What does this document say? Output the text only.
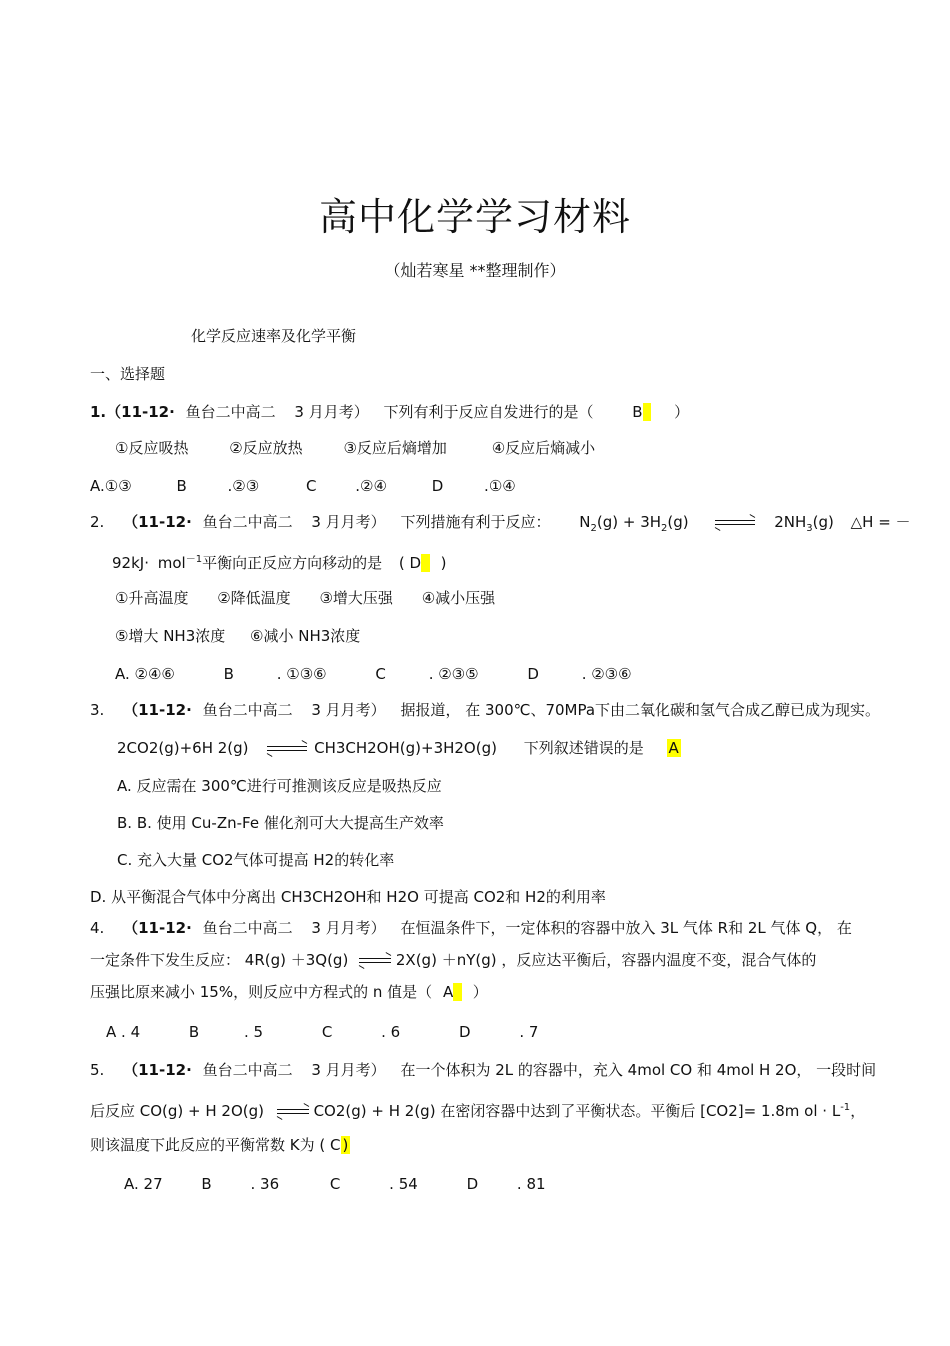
高中化学学习材料
（灿若寒星 **整理制作）
化学反应速率及化学平衡
一、选择题
1.（11-12· 鱼台二中高二 3 月月考） 下列有利于反应自发进行的是（	B ）
①反应吸热	②反应放热	③反应后熵增加	④反应后熵减小
A.①③	B	.②③	C	.②④	D	.①④
2. （11-12· 鱼台二中高二 3 月月考） 下列措施有利于反应： $N_2(g) + 3H_2(g)$	$2NH_3(g)$ △H = －
92kJ· mol$^{-1}$平衡向正反应方向移动的是 ( D )
①升高温度 ②降低温度 ③增大压强 ④减小压强
⑤增大 NH3浓度 ⑥减小 NH3浓度
A. ②④⑥	B	. ①③⑥	C	. ②③⑤	D	. ②③⑥
3. （11-12· 鱼台二中高二 3 月月考） 据报道， 在 300℃、70MPa下由二氧化碳和氢气合成乙醇已成为现实。
2CO2(g)+6H 2(g)	CH3CH2OH(g)+3H2O(g) 下列叙述错误的是 A
A. 反应需在 300℃进行可推测该反应是吸热反应
B. B. 使用 Cu-Zn-Fe 催化剂可大大提高生产效率
C. 充入大量 CO2气体可提高 H2的转化率
D. 从平衡混合气体中分离出 CH3CH2OH和 H2O 可提高 CO2和 H2的利用率
4. （11-12· 鱼台二中高二 3 月月考） 在恒温条件下，一定体积的容器中放入 3L 气体 R和 2L 气体 Q， 在
一定条件下发生反应： 4R(g) ＋3Q(g)	2X(g) ＋nY(g) ，反应达平衡后，容器内温度不变，混合气体的
压强比原来减小 15%，则反应中方程式的 n 值是（ A ）
A . 4	B	. 5	C	. 6	D	. 7
5. （11-12· 鱼台二中高二 3 月月考） 在一个体积为 2L 的容器中，充入 4mol CO 和 4mol H 2O， 一段时间
后反应 CO(g) + H 2O(g)	CO2(g) + H 2(g) 在密闭容器中达到了平衡状态。平衡后 [CO2]= 1.8m ol · $L^{-1}$，
则该温度下此反应的平衡常数 K为 ( C )
A. 27	B	. 36	C	. 54	D	. 81
